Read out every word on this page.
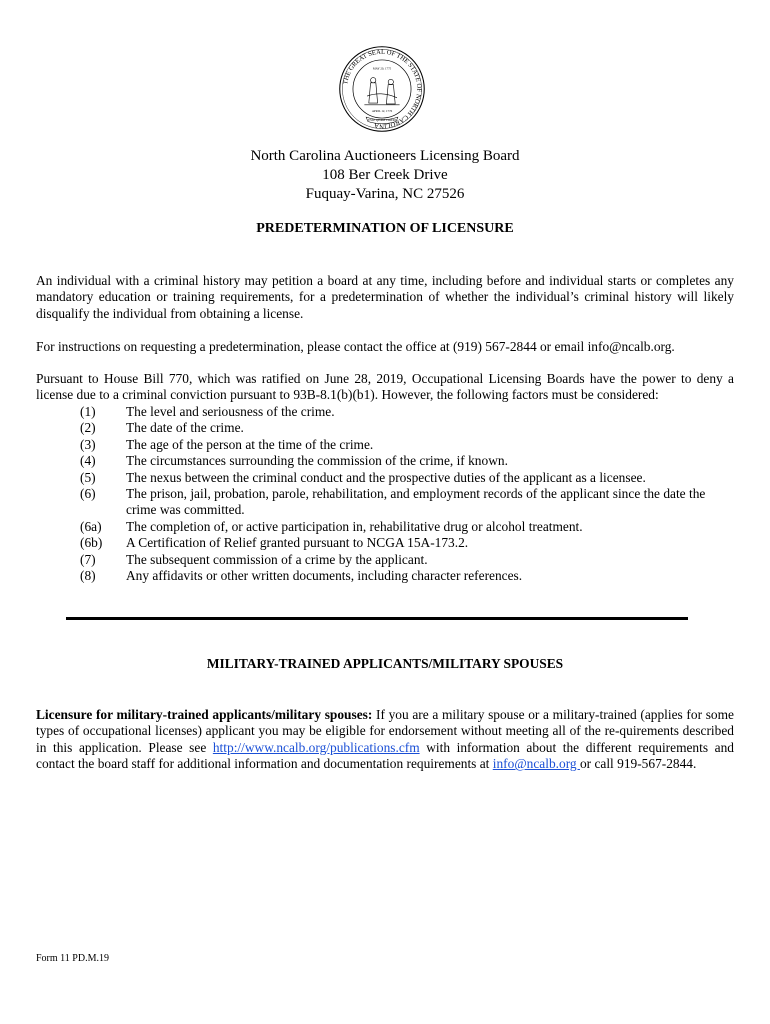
THE GREAT SEAL OF THE STATE OF NORTH CAROLINA
MAY 20, 1775
APRIL 12, 1776
ESSE QUAM VIDERI
North Carolina Auctioneers Licensing Board
108 Ber Creek Drive
Fuquay-Varina, NC 27526
PREDETERMINATION OF LICENSURE
An individual with a criminal history may petition a board at any time, including before and individual starts or completes any mandatory education or training requirements, for a predetermination of whether the individual’s criminal history will likely disqualify the individual from obtaining a license.
For instructions on requesting a predetermination, please contact the office at (919) 567-2844 or email info@ncalb.org.
Pursuant to House Bill 770, which was ratified on June 28, 2019, Occupational Licensing Boards have the power to deny a license due to a criminal conviction pursuant to 93B-8.1(b)(b1). However, the following factors must be considered:
(1)	The level and seriousness of the crime.
(2)	The date of the crime.
(3)	The age of the person at the time of the crime.
(4)	The circumstances surrounding the commission of the crime, if known.
(5)	The nexus between the criminal conduct and the prospective duties of the applicant as a licensee.
(6)	The prison, jail, probation, parole, rehabilitation, and employment records of the applicant since the date the crime was committed.
(6a)	The completion of, or active participation in, rehabilitative drug or alcohol treatment.
(6b)	A Certification of Relief granted pursuant to NCGA 15A-173.2.
(7)	The subsequent commission of a crime by the applicant.
(8)	Any affidavits or other written documents, including character references.
MILITARY-TRAINED APPLICANTS/MILITARY SPOUSES
Licensure for military-trained applicants/military spouses: If you are a military spouse or a military-trained (applies for some types of occupational licenses) applicant you may be eligible for endorsement without meeting all of the re-quirements described in this application. Please see http://www.ncalb.org/publications.cfm with information about the different requirements and contact the board staff for additional information and documentation requirements at info@ncalb.org or call 919-567-2844.
Form 11 PD.M.19
